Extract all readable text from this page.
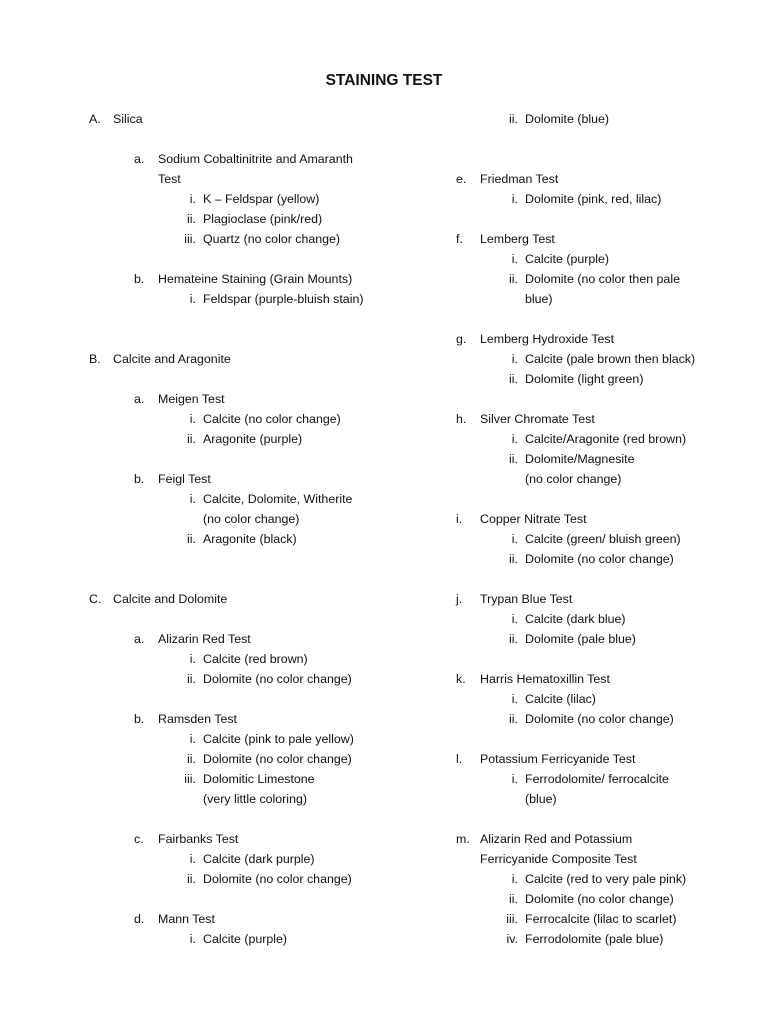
STAINING TEST
A. Silica
a.	Sodium Cobaltinitrite and Amaranth
Test
i. K – Feldspar (yellow)
ii. Plagioclase (pink/red)
iii. Quartz (no color change)
b.	Hemateine Staining (Grain Mounts)
i. Feldspar (purple-bluish stain)
B. Calcite and Aragonite
a.	Meigen Test
i. Calcite (no color change)
ii. Aragonite (purple)
b.	Feigl Test
i. Calcite, Dolomite, Witherite
(no color change)
ii. Aragonite (black)
C. Calcite and Dolomite
a.	Alizarin Red Test
i. Calcite (red brown)
ii. Dolomite (no color change)
b.	Ramsden Test
i. Calcite (pink to pale yellow)
ii. Dolomite (no color change)
iii. Dolomitic Limestone
(very little coloring)
c.	Fairbanks Test
i. Calcite (dark purple)
ii. Dolomite (no color change)
d.	Mann Test
i. Calcite (purple)
ii. Dolomite (blue)
e.	Friedman Test
i. Dolomite (pink, red, lilac)
f.	Lemberg Test
i. Calcite (purple)
ii. Dolomite (no color then pale
blue)
g.	Lemberg Hydroxide Test
i. Calcite (pale brown then black)
ii. Dolomite (light green)
h.	Silver Chromate Test
i. Calcite/Aragonite (red brown)
ii. Dolomite/Magnesite
(no color change)
i.	Copper Nitrate Test
i. Calcite (green/ bluish green)
ii. Dolomite (no color change)
j.	Trypan Blue Test
i. Calcite (dark blue)
ii. Dolomite (pale blue)
k.	Harris Hematoxillin Test
i. Calcite (lilac)
ii. Dolomite (no color change)
l.	Potassium Ferricyanide Test
i. Ferrodolomite/ ferrocalcite
(blue)
m. Alizarin Red and Potassium
Ferricyanide Composite Test
i. Calcite (red to very pale pink)
ii. Dolomite (no color change)
iii. Ferrocalcite (lilac to scarlet)
iv. Ferrodolomite (pale blue)
